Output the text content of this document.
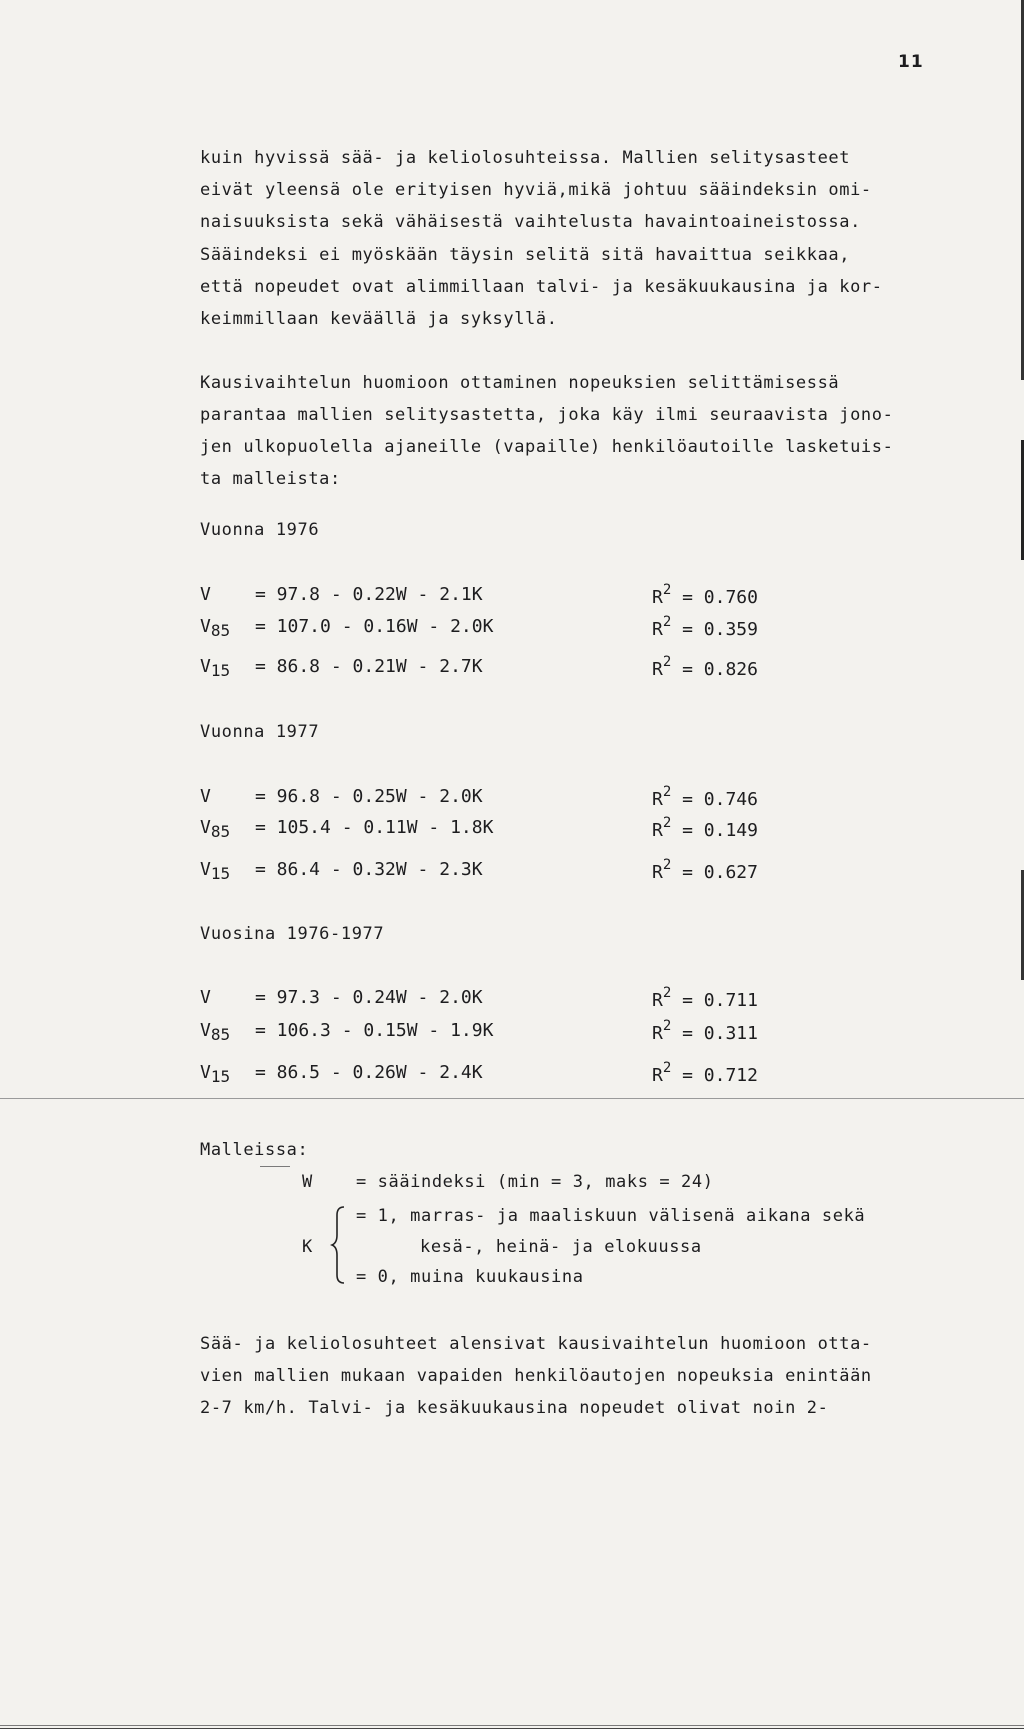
11
kuin hyvissä sää- ja keliolosuhteissa. Mallien selitysasteet
eivät yleensä ole erityisen hyviä,mikä johtuu sääindeksin omi-
naisuuksista sekä vähäisestä vaihtelusta havaintoaineistossa.
Sääindeksi ei myöskään täysin selitä sitä havaittua seikkaa,
että nopeudet ovat alimmillaan talvi- ja kesäkuukausina ja kor-
keimmillaan keväällä ja syksyllä.
Kausivaihtelun huomioon ottaminen nopeuksien selittämisessä
parantaa mallien selitysastetta, joka käy ilmi seuraavista jono-
jen ulkopuolella ajaneille (vapaille) henkilöautoille lasketuis-
ta malleista:
Vuonna 1976
V	= 97.8 - 0.22W - 2.1K	$R^2 = 0.760$
$V_{85}$	= 107.0 - 0.16W - 2.0K	$R^2 = 0.359$
$V_{15}$	= 86.8 - 0.21W - 2.7K	$R^2 = 0.826$
Vuonna 1977
V	= 96.8 - 0.25W - 2.0K	$R^2 = 0.746$
$V_{85}$	= 105.4 - 0.11W - 1.8K	$R^2 = 0.149$
$V_{15}$	= 86.4 - 0.32W - 2.3K	$R^2 = 0.627$
Vuosina 1976-1977
V	= 97.3 - 0.24W - 2.0K	$R^2 = 0.711$
$V_{85}$	= 106.3 - 0.15W - 1.9K	$R^2 = 0.311$
$V_{15}$	= 86.5 - 0.26W - 2.4K	$R^2 = 0.712$
Malleissa:
W	= sääindeksi (min = 3, maks = 24)
K
= 1, marras- ja maaliskuun välisenä aikana sekä
kesä-, heinä- ja elokuussa
= 0, muina kuukausina
Sää- ja keliolosuhteet alensivat kausivaihtelun huomioon otta-
vien mallien mukaan vapaiden henkilöautojen nopeuksia enintään
2-7 km/h. Talvi- ja kesäkuukausina nopeudet olivat noin 2-
